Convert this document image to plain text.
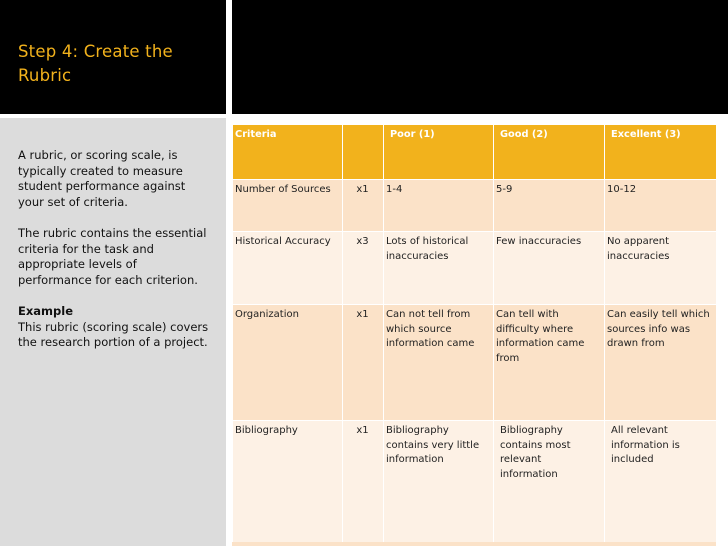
Step 4: Create the Rubric

A rubric, or scoring scale, is typically created to measure student performance against your set of criteria.

The rubric contains the essential criteria for the task and appropriate levels of performance for each criterion.

Example
This rubric (scoring scale) covers the research portion of a project.
Criteria		Poor (1)	Good (2)	Excellent (3)
Number of Sources	x1	1-4	5-9	10-12
Historical Accuracy	x3	Lots of historical inaccuracies	Few inaccuracies	No apparent inaccuracies
Organization	x1	Can not tell from which source information came	Can tell with difficulty where information came from	Can easily tell which sources info was drawn from
Bibliography	x1	Bibliography contains very little information	Bibliography contains most relevant information	All relevant information is included
